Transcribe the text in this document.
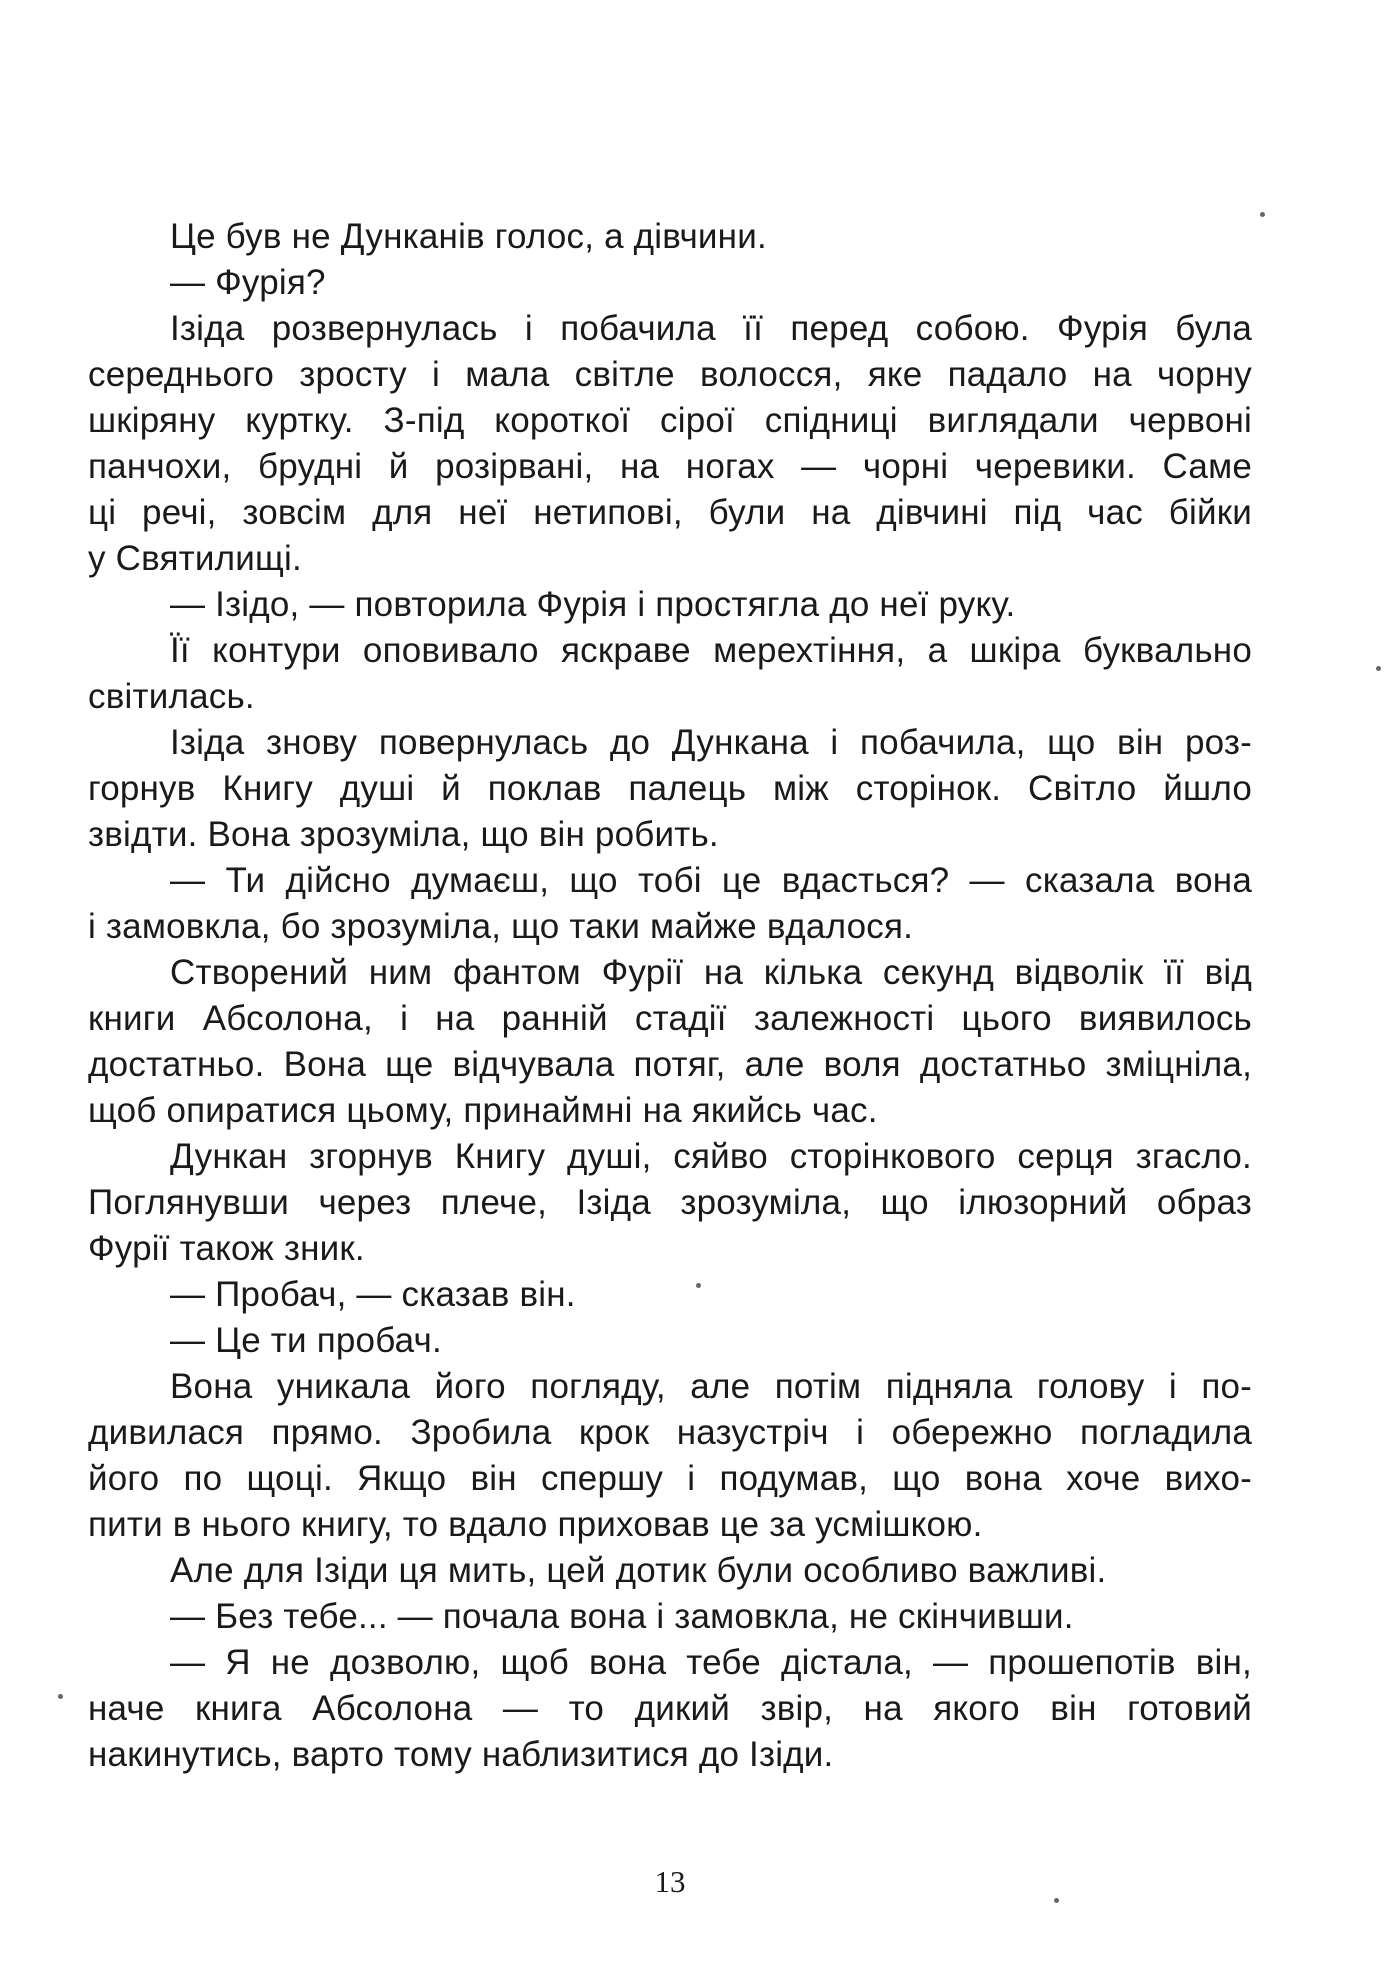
Це був не Дунканів голос, а дівчини.
— Фурія?
Ізіда розвернулась і побачила її перед собою. Фурія була
середнього зросту і мала світле волосся, яке падало на чорну
шкіряну куртку. З-під короткої сірої спідниці виглядали червоні
панчохи, брудні й розірвані, на ногах — чорні черевики. Саме
ці речі, зовсім для неї нетипові, були на дівчині під час бійки
у Святилищі.
— Ізідо, — повторила Фурія і простягла до неї руку.
Її контури оповивало яскраве мерехтіння, а шкіра буквально
світилась.
Ізіда знову повернулась до Дункана і побачила, що він роз-
горнув Книгу душі й поклав палець між сторінок. Світло йшло
звідти. Вона зрозуміла, що він робить.
— Ти дійсно думаєш, що тобі це вдасться? — сказала вона
і замовкла, бо зрозуміла, що таки майже вдалося.
Створений ним фантом Фурії на кілька секунд відволік її від
книги Абсолона, і на ранній стадії залежності цього виявилось
достатньо. Вона ще відчувала потяг, але воля достатньо зміцніла,
щоб опиратися цьому, принаймні на якийсь час.
Дункан згорнув Книгу душі, сяйво сторінкового серця згасло.
Поглянувши через плече, Ізіда зрозуміла, що ілюзорний образ
Фурії також зник.
— Пробач, — сказав він.
— Це ти пробач.
Вона уникала його погляду, але потім підняла голову і по-
дивилася прямо. Зробила крок назустріч і обережно погладила
його по щоці. Якщо він спершу і подумав, що вона хоче вихо-
пити в нього книгу, то вдало приховав це за усмішкою.
Але для Ізіди ця мить, цей дотик були особливо важливі.
— Без тебе... — почала вона і замовкла, не скінчивши.
— Я не дозволю, щоб вона тебе дістала, — прошепотів він,
наче книга Абсолона — то дикий звір, на якого він готовий
накинутись, варто тому наблизитися до Ізіди.
13
